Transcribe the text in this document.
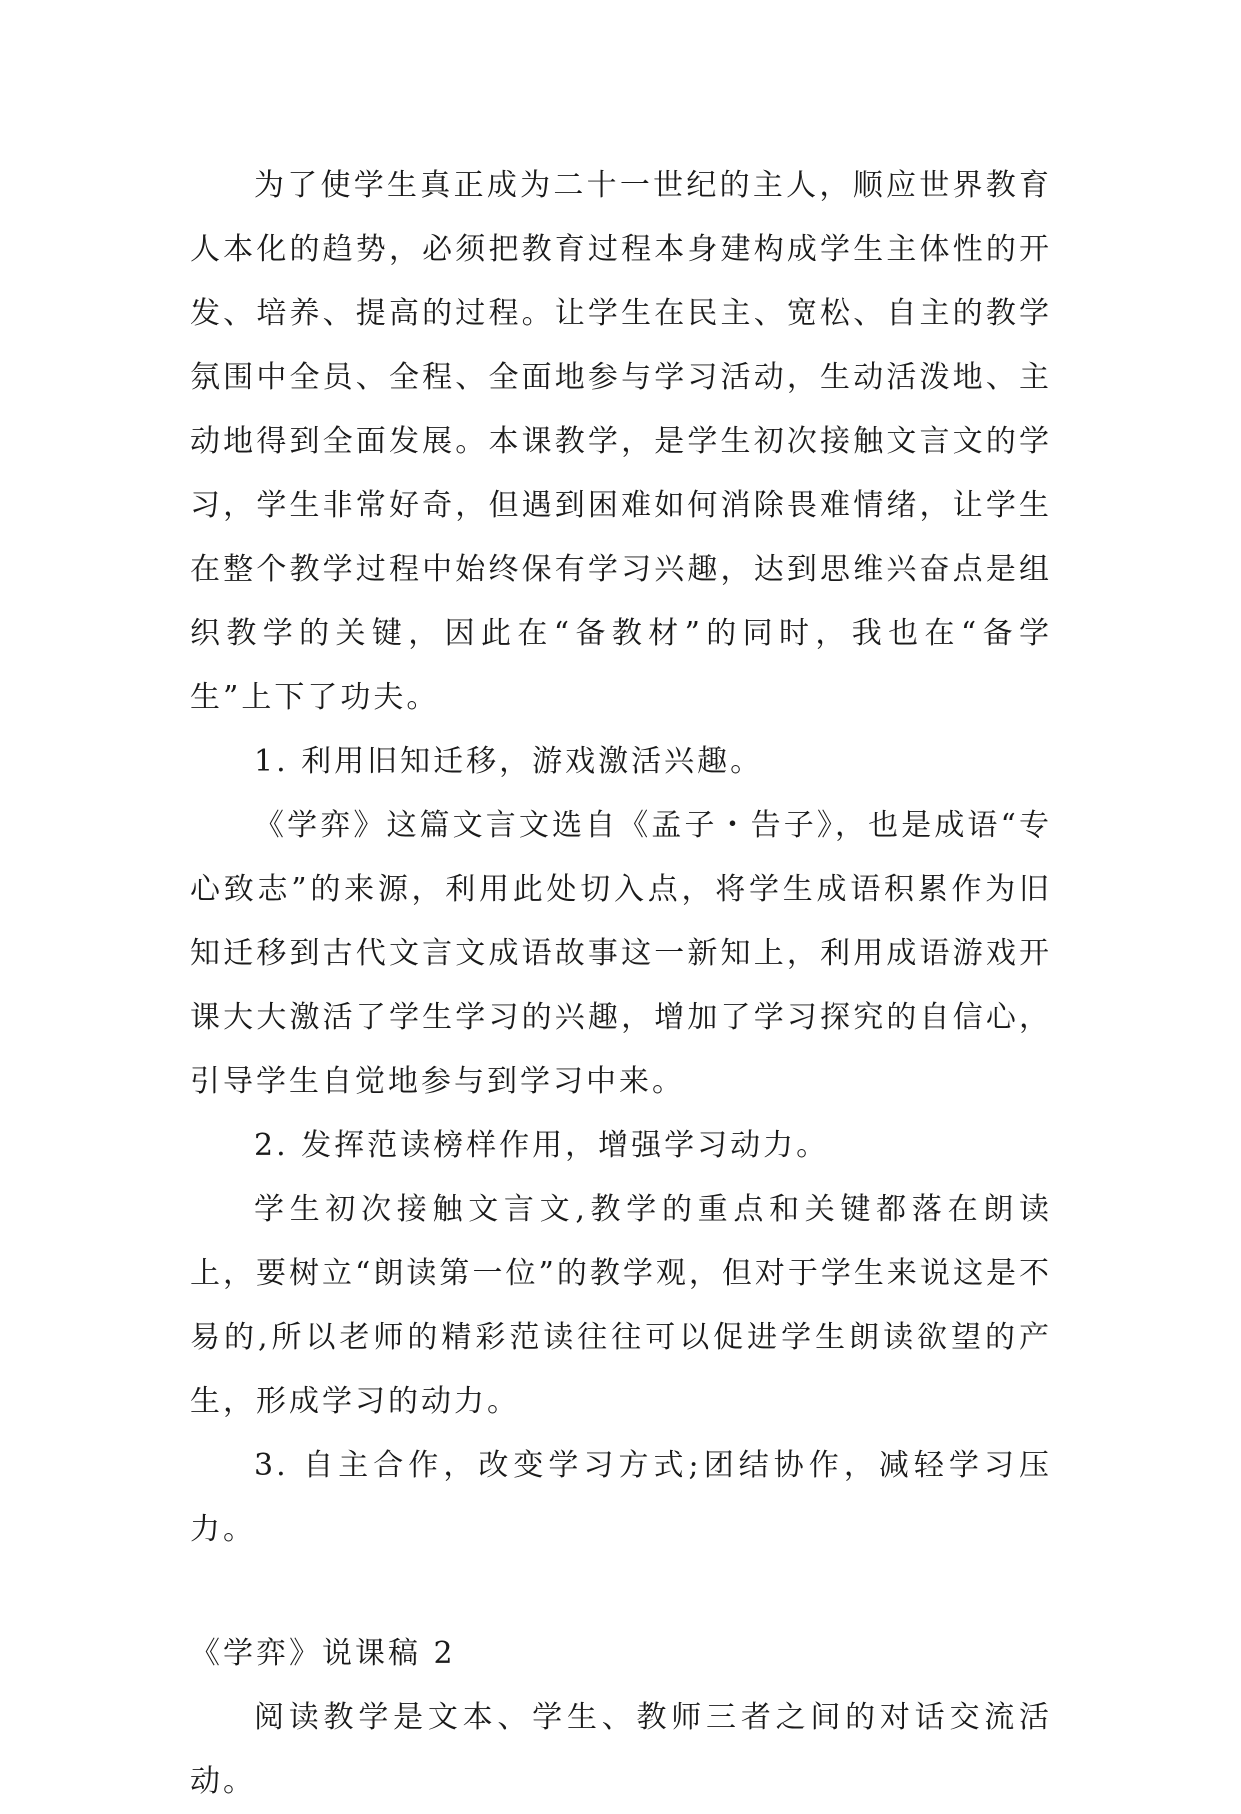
为了使学生真正成为二十一世纪的主人，顺应世界教育人本化的趋势，必须把教育过程本身建构成学生主体性的开发、培养、提高的过程。让学生在民主、宽松、自主的教学氛围中全员、全程、全面地参与学习活动，生动活泼地、主动地得到全面发展。本课教学，是学生初次接触文言文的学习，学生非常好奇，但遇到困难如何消除畏难情绪，让学生在整个教学过程中始终保有学习兴趣，达到思维兴奋点是组织教学的关键，因此在“备教材”的同时，我也在“备学生”上下了功夫。

1. 利用旧知迁移，游戏激活兴趣。

《学弈》这篇文言文选自《孟子・告子》，也是成语“专心致志”的来源，利用此处切入点，将学生成语积累作为旧知迁移到古代文言文成语故事这一新知上，利用成语游戏开课大大激活了学生学习的兴趣，增加了学习探究的自信心，引导学生自觉地参与到学习中来。

2. 发挥范读榜样作用，增强学习动力。

学生初次接触文言文,教学的重点和关键都落在朗读上，要树立“朗读第一位”的教学观，但对于学生来说这是不易的,所以老师的精彩范读往往可以促进学生朗读欲望的产生，形成学习的动力。

3. 自主合作，改变学习方式;团结协作，减轻学习压力。

《学弈》说课稿 2

阅读教学是文本、学生、教师三者之间的对话交流活动。
